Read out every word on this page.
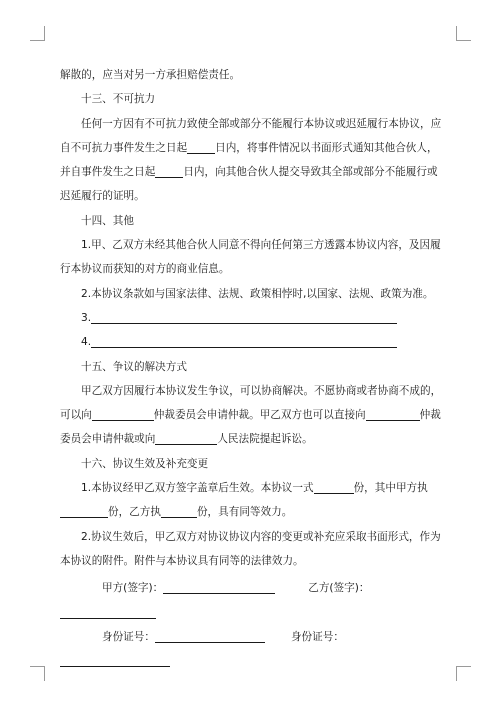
解散的，应当对另一方承担赔偿责任。

十三、不可抗力

任何一方因有不可抗力致使全部或部分不能履行本协议或迟延履行本协议，应自不可抗力事件发生之日起	日内，将事件情况以书面形式通知其他合伙人，并自事件发生之日起	日内，向其他合伙人提交导致其全部或部分不能履行或迟延履行的证明。

十四、其他

1.甲、乙双方未经其他合伙人同意不得向任何第三方透露本协议内容，及因履行本协议而获知的对方的商业信息。

2.本协议条款如与国家法律、法规、政策相悖时,以国家、法规、政策为准。

3.

4.

十五、争议的解决方式

甲乙双方因履行本协议发生争议，可以协商解决。不愿协商或者协商不成的，可以向	仲裁委员会申请仲裁。甲乙双方也可以直接向	仲裁委员会申请仲裁或向	人民法院提起诉讼。

十六、协议生效及补充变更

1.本协议经甲乙双方签字盖章后生效。本协议一式	份，其中甲方执份，乙方执	份，具有同等效力。

2.协议生效后，甲乙双方对协议协议内容的变更或补充应采取书面形式，作为本协议的附件。附件与本协议具有同等的法律效力。

甲方(签字)：	乙方(签字)：

身份证号：	身份证号：
